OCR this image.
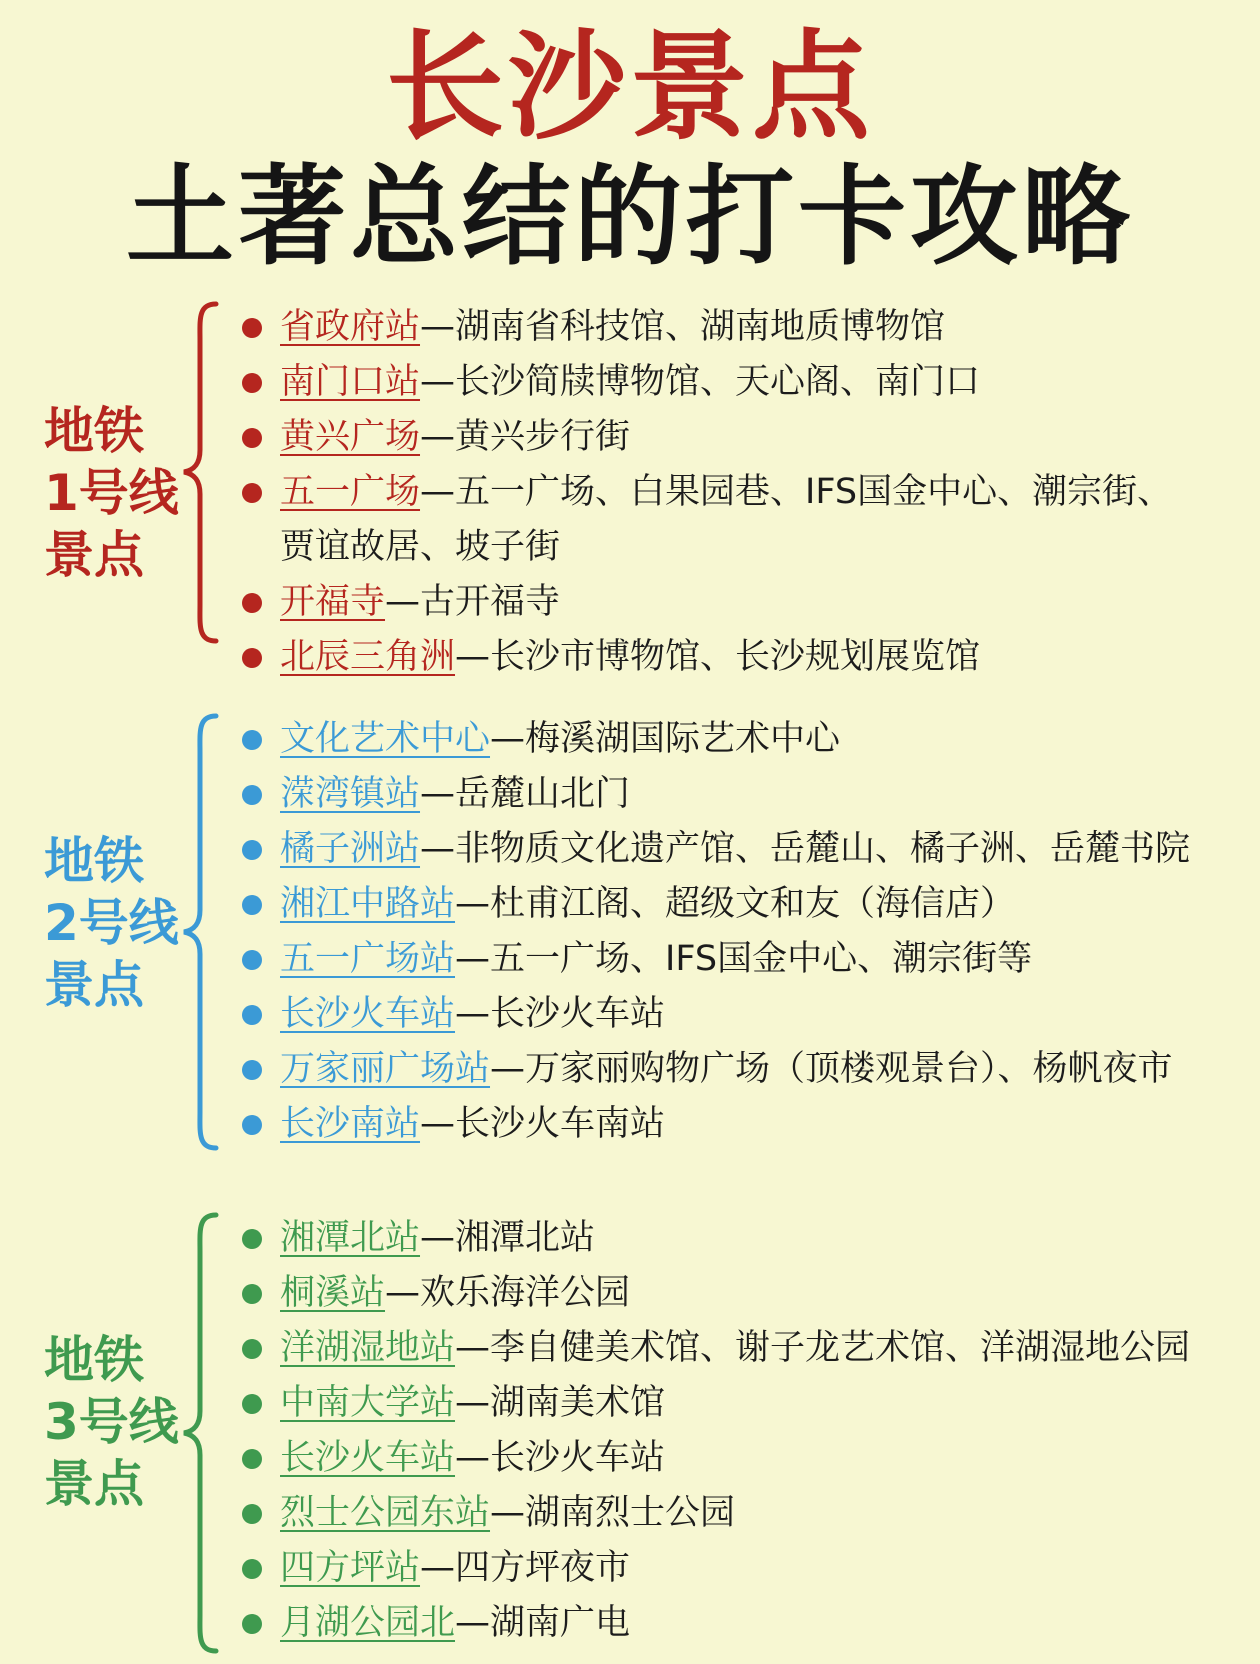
长沙景点
土著总结的打卡攻略
地铁
1号线
景点
省政府站—湖南省科技馆、湖南地质博物馆
南门口站—长沙简牍博物馆、天心阁、南门口
黄兴广场—黄兴步行街
五一广场—五一广场、白果园巷、IFS国金中心、潮宗街、
贾谊故居、坡子街
开福寺—古开福寺
北辰三角洲—长沙市博物馆、长沙规划展览馆
地铁
2号线
景点
文化艺术中心—梅溪湖国际艺术中心
溁湾镇站—岳麓山北门
橘子洲站—非物质文化遗产馆、岳麓山、橘子洲、岳麓书院
湘江中路站—杜甫江阁、超级文和友（海信店）
五一广场站—五一广场、IFS国金中心、潮宗街等
长沙火车站—长沙火车站
万家丽广场站—万家丽购物广场（顶楼观景台）、杨帆夜市
长沙南站—长沙火车南站
地铁
3号线
景点
湘潭北站—湘潭北站
桐溪站—欢乐海洋公园
洋湖湿地站—李自健美术馆、谢子龙艺术馆、洋湖湿地公园
中南大学站—湖南美术馆
长沙火车站—长沙火车站
烈士公园东站—湖南烈士公园
四方坪站—四方坪夜市
月湖公园北—湖南广电
